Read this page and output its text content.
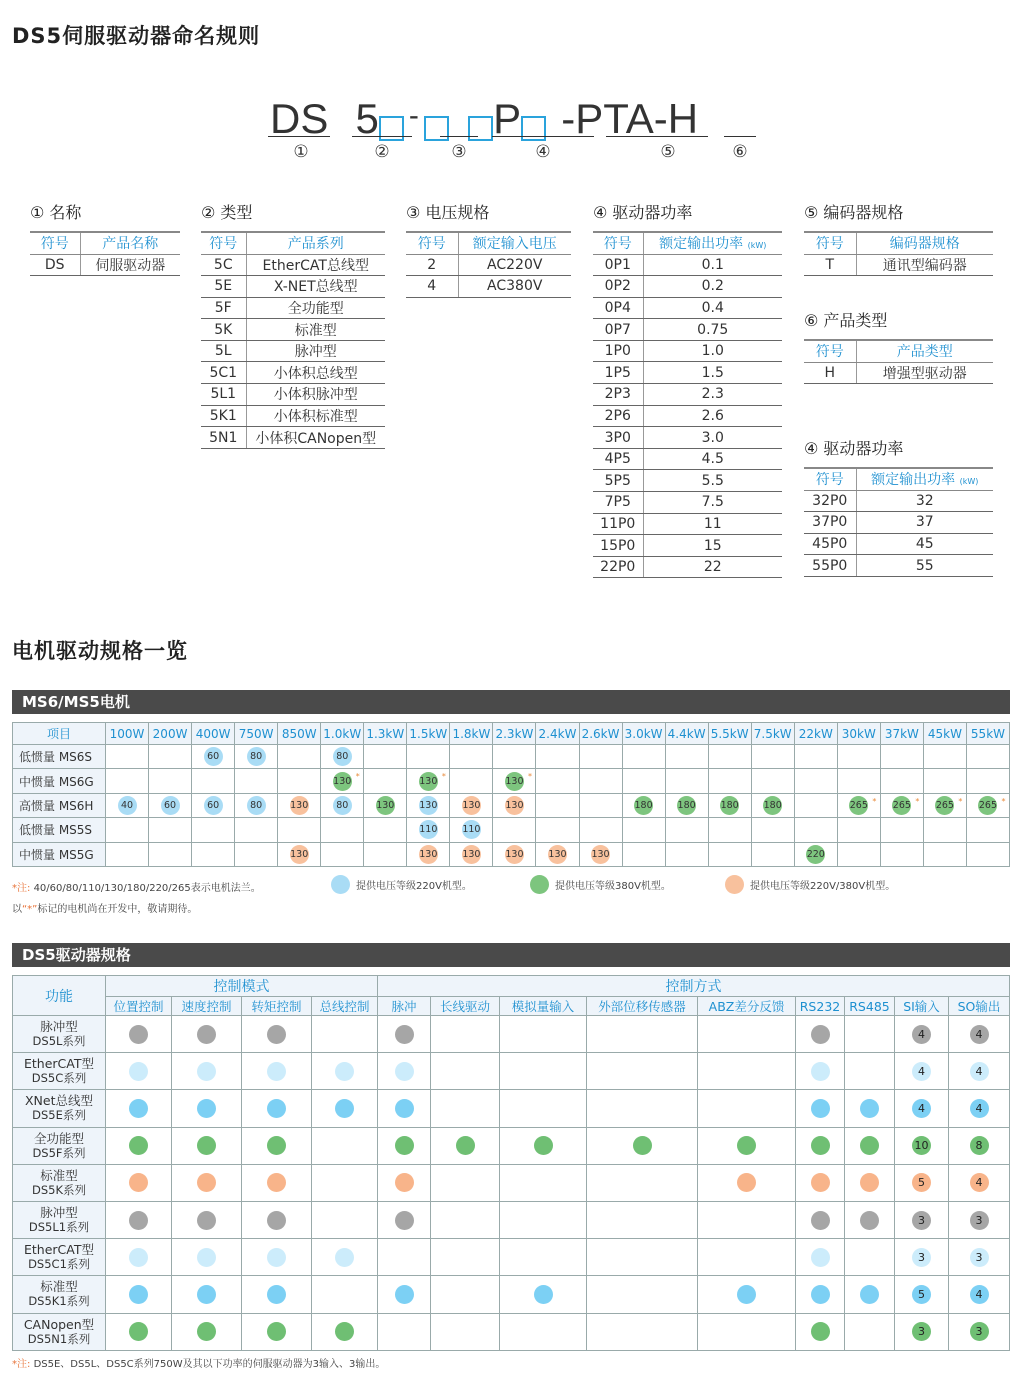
DS5伺服驱动器命名规则
DS 5 - P -PTA-H
①	②	③	④	⑤	⑥
① 名称
符号	产品名称
DS	伺服驱动器
② 类型
符号	产品系列
5C	EtherCAT总线型
5E	X-NET总线型
5F	全功能型
5K	标准型
5L	脉冲型
5C1	小体积总线型
5L1	小体积脉冲型
5K1	小体积标准型
5N1	小体积CANopen型
③ 电压规格
符号	额定输入电压
2	AC220V
4	AC380V
④ 驱动器功率
符号	额定输出功率 (kW)
0P1	0.1
0P2	0.2
0P4	0.4
0P7	0.75
1P0	1.0
1P5	1.5
2P3	2.3
2P6	2.6
3P0	3.0
4P5	4.5
5P5	5.5
7P5	7.5
11P0	11
15P0	15
22P0	22
⑤ 编码器规格
符号	编码器规格
T	通讯型编码器
⑥ 产品类型
符号	产品类型
H	增强型驱动器
④ 驱动器功率
符号	额定输出功率 (kW)
32P0	32
37P0	37
45P0	45
55P0	55
电机驱动规格一览
MS6/MS5电机
项目	100W	200W	400W	750W	850W	1.0kW	1.3kW	1.5kW	1.8kW	2.3kW	2.4kW	2.6kW	3.0kW	4.4kW	5.5kW	7.5kW	22kW	30kW	37kW	45kW	55kW
低惯量 MS6S			60	80		80															
中惯量 MS6G						130 *		130 *		130 *											

高惯量 MS6H	40	60	60	80	130	80	130	130	130	130			180	180	180	180		265 *	265 *	265 *	265 *

低惯量 MS5S								110	110												
中惯量 MS5G					130			130	130	130	130	130					220				
*注: 40/60/80/110/130/180/220/265表示电机法兰。	提供电压等级220V机型。	提供电压等级380V机型。	提供电压等级220V/380V机型。
以“*”标记的电机尚在开发中，敬请期待。
DS5驱动器规格
功能	控制模式				控制方式								
	位置控制	速度控制	转矩控制	总线控制	脉冲	长线驱动	模拟量输入	外部位移传感器	ABZ差分反馈	RS232	RS485	SI输入	SO输出

脉冲型
DS5L系列												4	4

EtherCAT型
DS5C系列												4	4

XNet总线型
DS5E系列												4	4

全功能型
DS5F系列												10	8

标准型
DS5K系列												5	4

脉冲型
DS5L1系列												3	3

EtherCAT型
DS5C1系列												3	3

标准型
DS5K1系列												5	4

CANopen型
DS5N1系列												3	3
*注: DS5E、DS5L、DS5C系列750W及其以下功率的伺服驱动器为3输入、3输出。
